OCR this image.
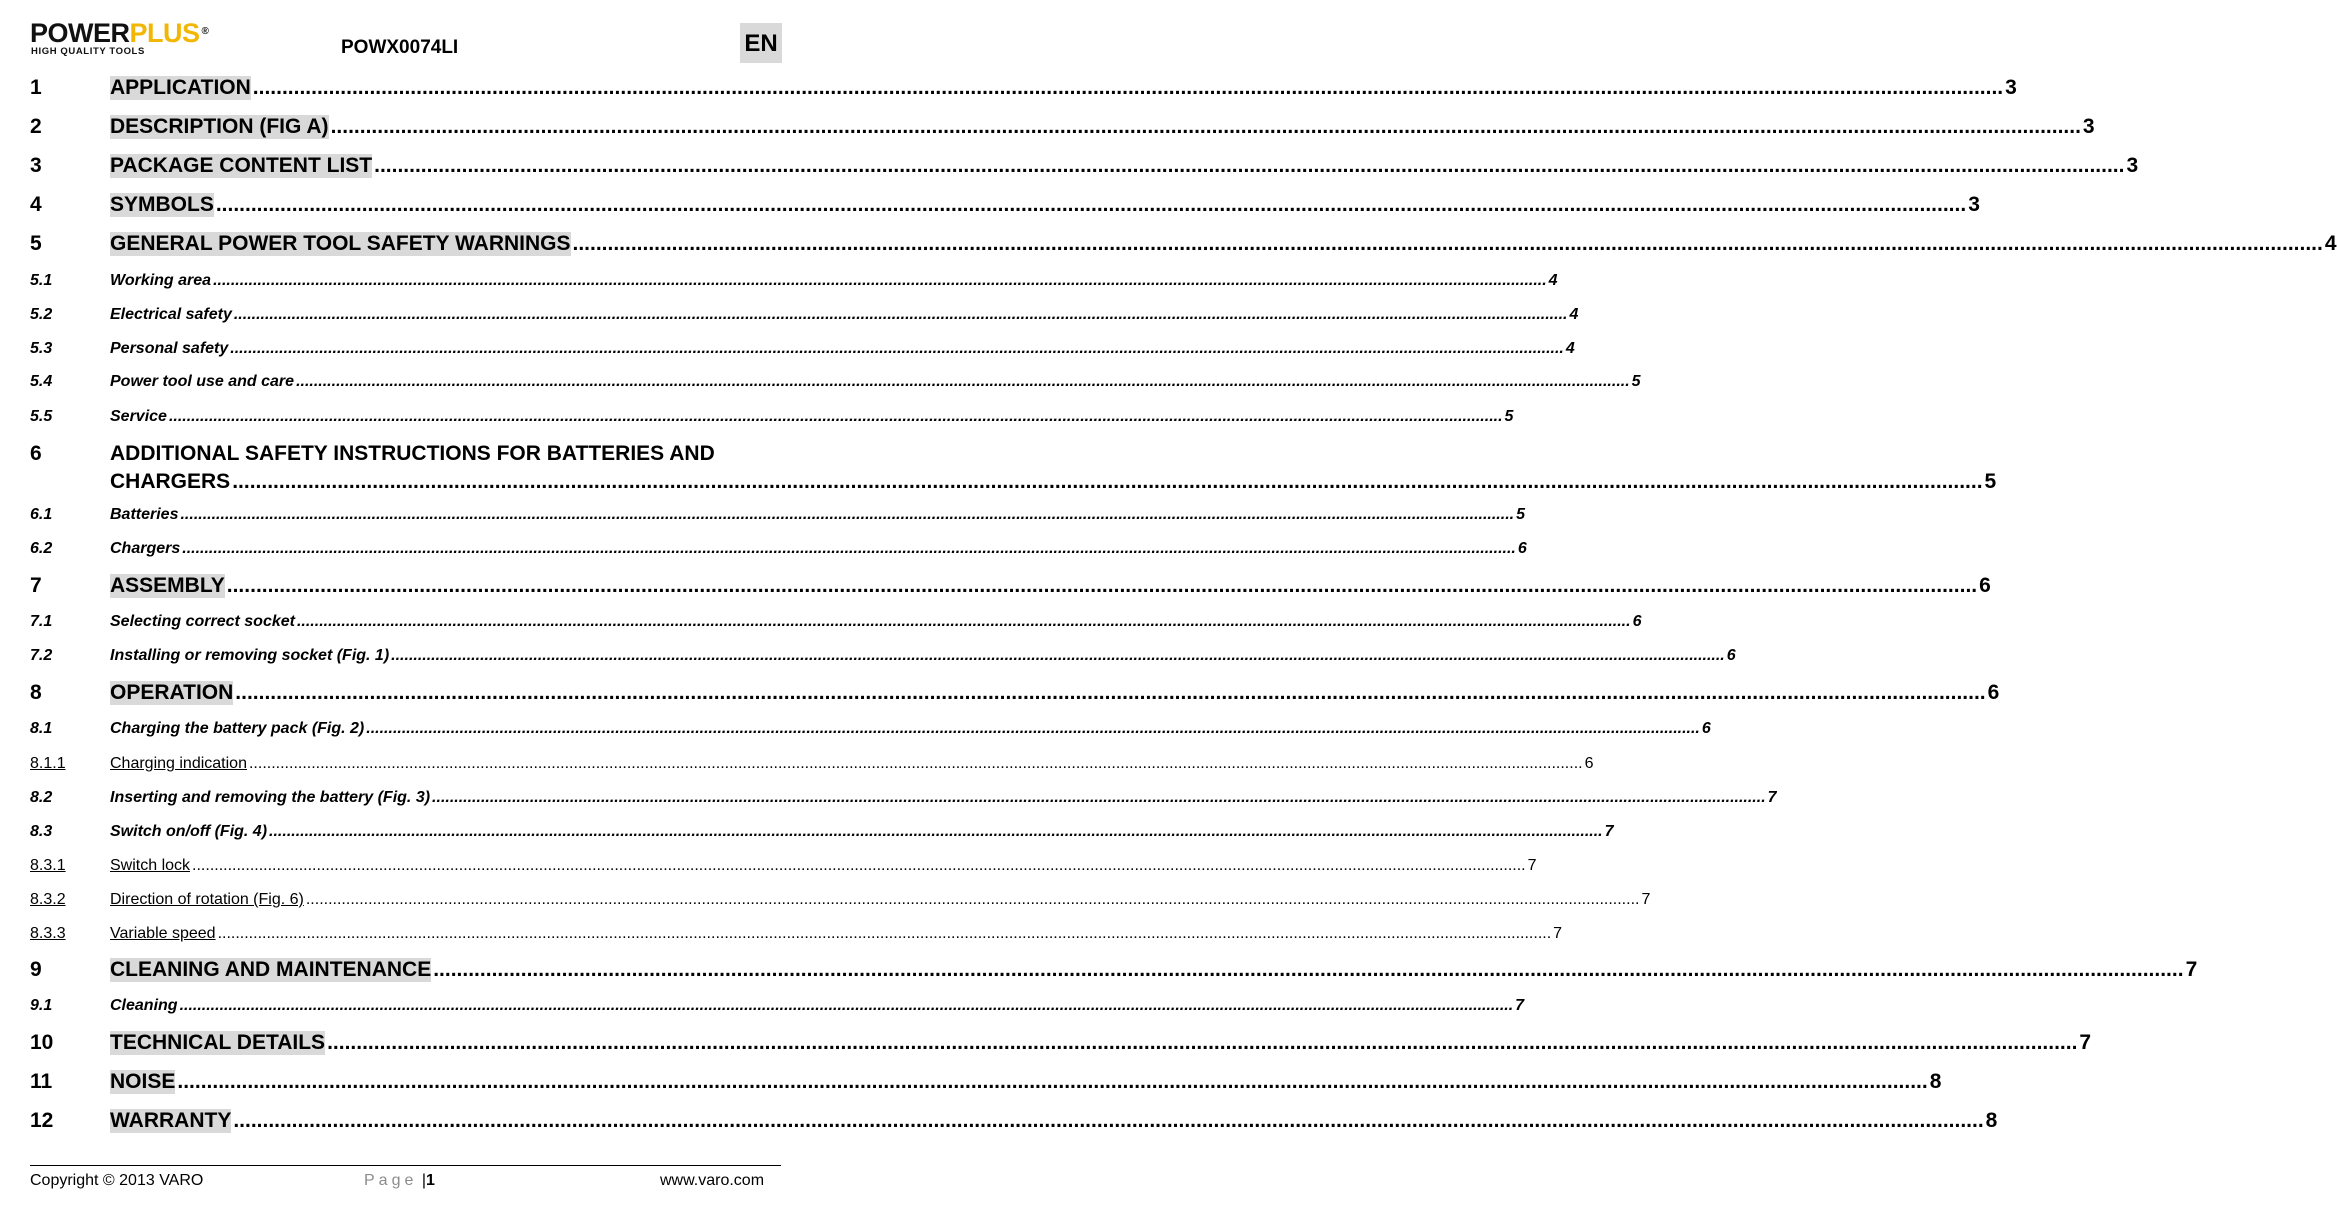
POWERPLUS ®
HIGH QUALITY TOOLS	POWX0074LI	EN
1	APPLICATION ............................................................................................................................................................................................................................................................................................................ 3
2	DESCRIPTION (FIG A) ............................................................................................................................................................................................................................................................................................................ 3
3	PACKAGE CONTENT LIST ............................................................................................................................................................................................................................................................................................................ 3
4	SYMBOLS ............................................................................................................................................................................................................................................................................................................ 3
5	GENERAL POWER TOOL SAFETY WARNINGS ............................................................................................................................................................................................................................................................................................................ 4
5.1	Working area ............................................................................................................................................................................................................................................................................................................ 4
5.2	Electrical safety ............................................................................................................................................................................................................................................................................................................ 4
5.3	Personal safety ............................................................................................................................................................................................................................................................................................................ 4
5.4	Power tool use and care ............................................................................................................................................................................................................................................................................................................ 5
5.5	Service ............................................................................................................................................................................................................................................................................................................ 5
6	ADDITIONAL SAFETY INSTRUCTIONS FOR BATTERIES AND
CHARGERS ............................................................................................................................................................................................................................................................................................................ 5
6.1	Batteries ............................................................................................................................................................................................................................................................................................................ 5
6.2	Chargers ............................................................................................................................................................................................................................................................................................................ 6
7	ASSEMBLY ............................................................................................................................................................................................................................................................................................................ 6
7.1	Selecting correct socket ............................................................................................................................................................................................................................................................................................................ 6
7.2	Installing or removing socket (Fig. 1) ............................................................................................................................................................................................................................................................................................................ 6
8	OPERATION ............................................................................................................................................................................................................................................................................................................ 6
8.1	Charging the battery pack (Fig. 2) ............................................................................................................................................................................................................................................................................................................ 6
8.1.1	Charging indication ............................................................................................................................................................................................................................................................................................................ 6
8.2	Inserting and removing the battery (Fig. 3) ............................................................................................................................................................................................................................................................................................................ 7
8.3	Switch on/off (Fig. 4) ............................................................................................................................................................................................................................................................................................................ 7
8.3.1	Switch lock ............................................................................................................................................................................................................................................................................................................ 7
8.3.2	Direction of rotation (Fig. 6) ............................................................................................................................................................................................................................................................................................................ 7
8.3.3	Variable speed ............................................................................................................................................................................................................................................................................................................ 7
9	CLEANING AND MAINTENANCE ............................................................................................................................................................................................................................................................................................................ 7
9.1	Cleaning ............................................................................................................................................................................................................................................................................................................ 7
10	TECHNICAL DETAILS ............................................................................................................................................................................................................................................................................................................ 7
11	NOISE ............................................................................................................................................................................................................................................................................................................ 8
12	WARRANTY ............................................................................................................................................................................................................................................................................................................ 8
Copyright © 2013 VARO	Page |1	www.varo.com
